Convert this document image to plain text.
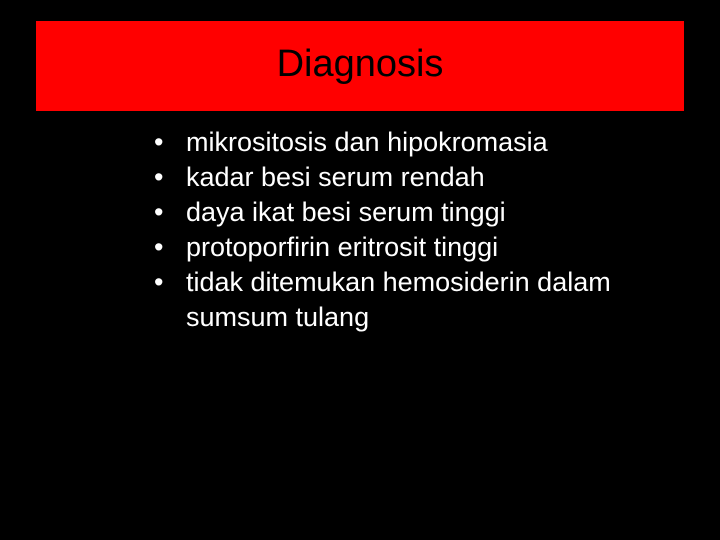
Diagnosis
• mikrositosis dan hipokromasia
• kadar besi serum rendah
• daya ikat besi serum tinggi
• protoporfirin eritrosit tinggi
• tidak ditemukan hemosiderin dalam sumsum tulang
